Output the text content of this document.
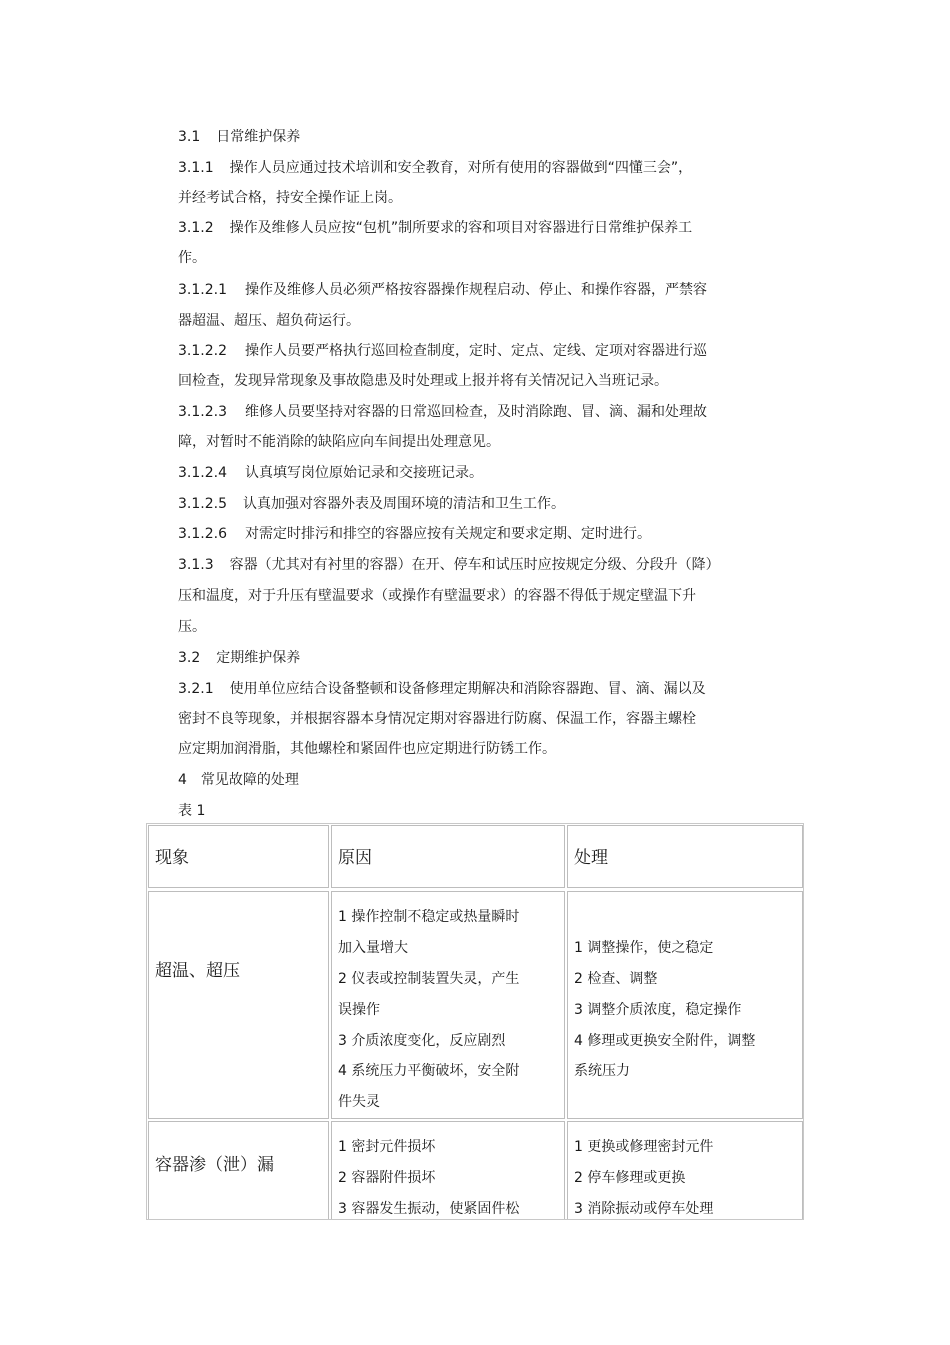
3.1 日常维护保养
3.1.1 操作人员应通过技术培训和安全教育，对所有使用的容器做到“四懂三会”，
并经考试合格，持安全操作证上岗。
3.1.2 操作及维修人员应按“包机”制所要求的容和项目对容器进行日常维护保养工
作。
3.1.2.1 操作及维修人员必须严格按容器操作规程启动、停止、和操作容器，严禁容
器超温、超压、超负荷运行。
3.1.2.2 操作人员要严格执行巡回检查制度，定时、定点、定线、定项对容器进行巡
回检查，发现异常现象及事故隐患及时处理或上报并将有关情况记入当班记录。
3.1.2.3 维修人员要坚持对容器的日常巡回检查，及时消除跑、冒、滴、漏和处理故
障，对暂时不能消除的缺陷应向车间提出处理意见。
3.1.2.4 认真填写岗位原始记录和交接班记录。
3.1.2.5 认真加强对容器外表及周围环境的清洁和卫生工作。
3.1.2.6 对需定时排污和排空的容器应按有关规定和要求定期、定时进行。
3.1.3 容器（尤其对有衬里的容器）在开、停车和试压时应按规定分级、分段升（降）
压和温度，对于升压有壁温要求（或操作有壁温要求）的容器不得低于规定壁温下升
压。
3.2 定期维护保养
3.2.1 使用单位应结合设备整顿和设备修理定期解决和消除容器跑、冒、滴、漏以及
密封不良等现象，并根据容器本身情况定期对容器进行防腐、保温工作，容器主螺栓
应定期加润滑脂，其他螺栓和紧固件也应定期进行防锈工作。
4 常见故障的处理
表 1
现象	原因	处理
超温、超压
1 操作控制不稳定或热量瞬时
加入量增大
2 仪表或控制装置失灵，产生
误操作
3 介质浓度变化，反应剧烈
4 系统压力平衡破坏，安全附
件失灵
1 调整操作，使之稳定
2 检查、调整
3 调整介质浓度，稳定操作
4 修理或更换安全附件，调整
系统压力
容器渗（泄）漏
1 密封元件损坏
2 容器附件损坏
3 容器发生振动，使紧固件松
1 更换或修理密封元件
2 停车修理或更换
3 消除振动或停车处理
